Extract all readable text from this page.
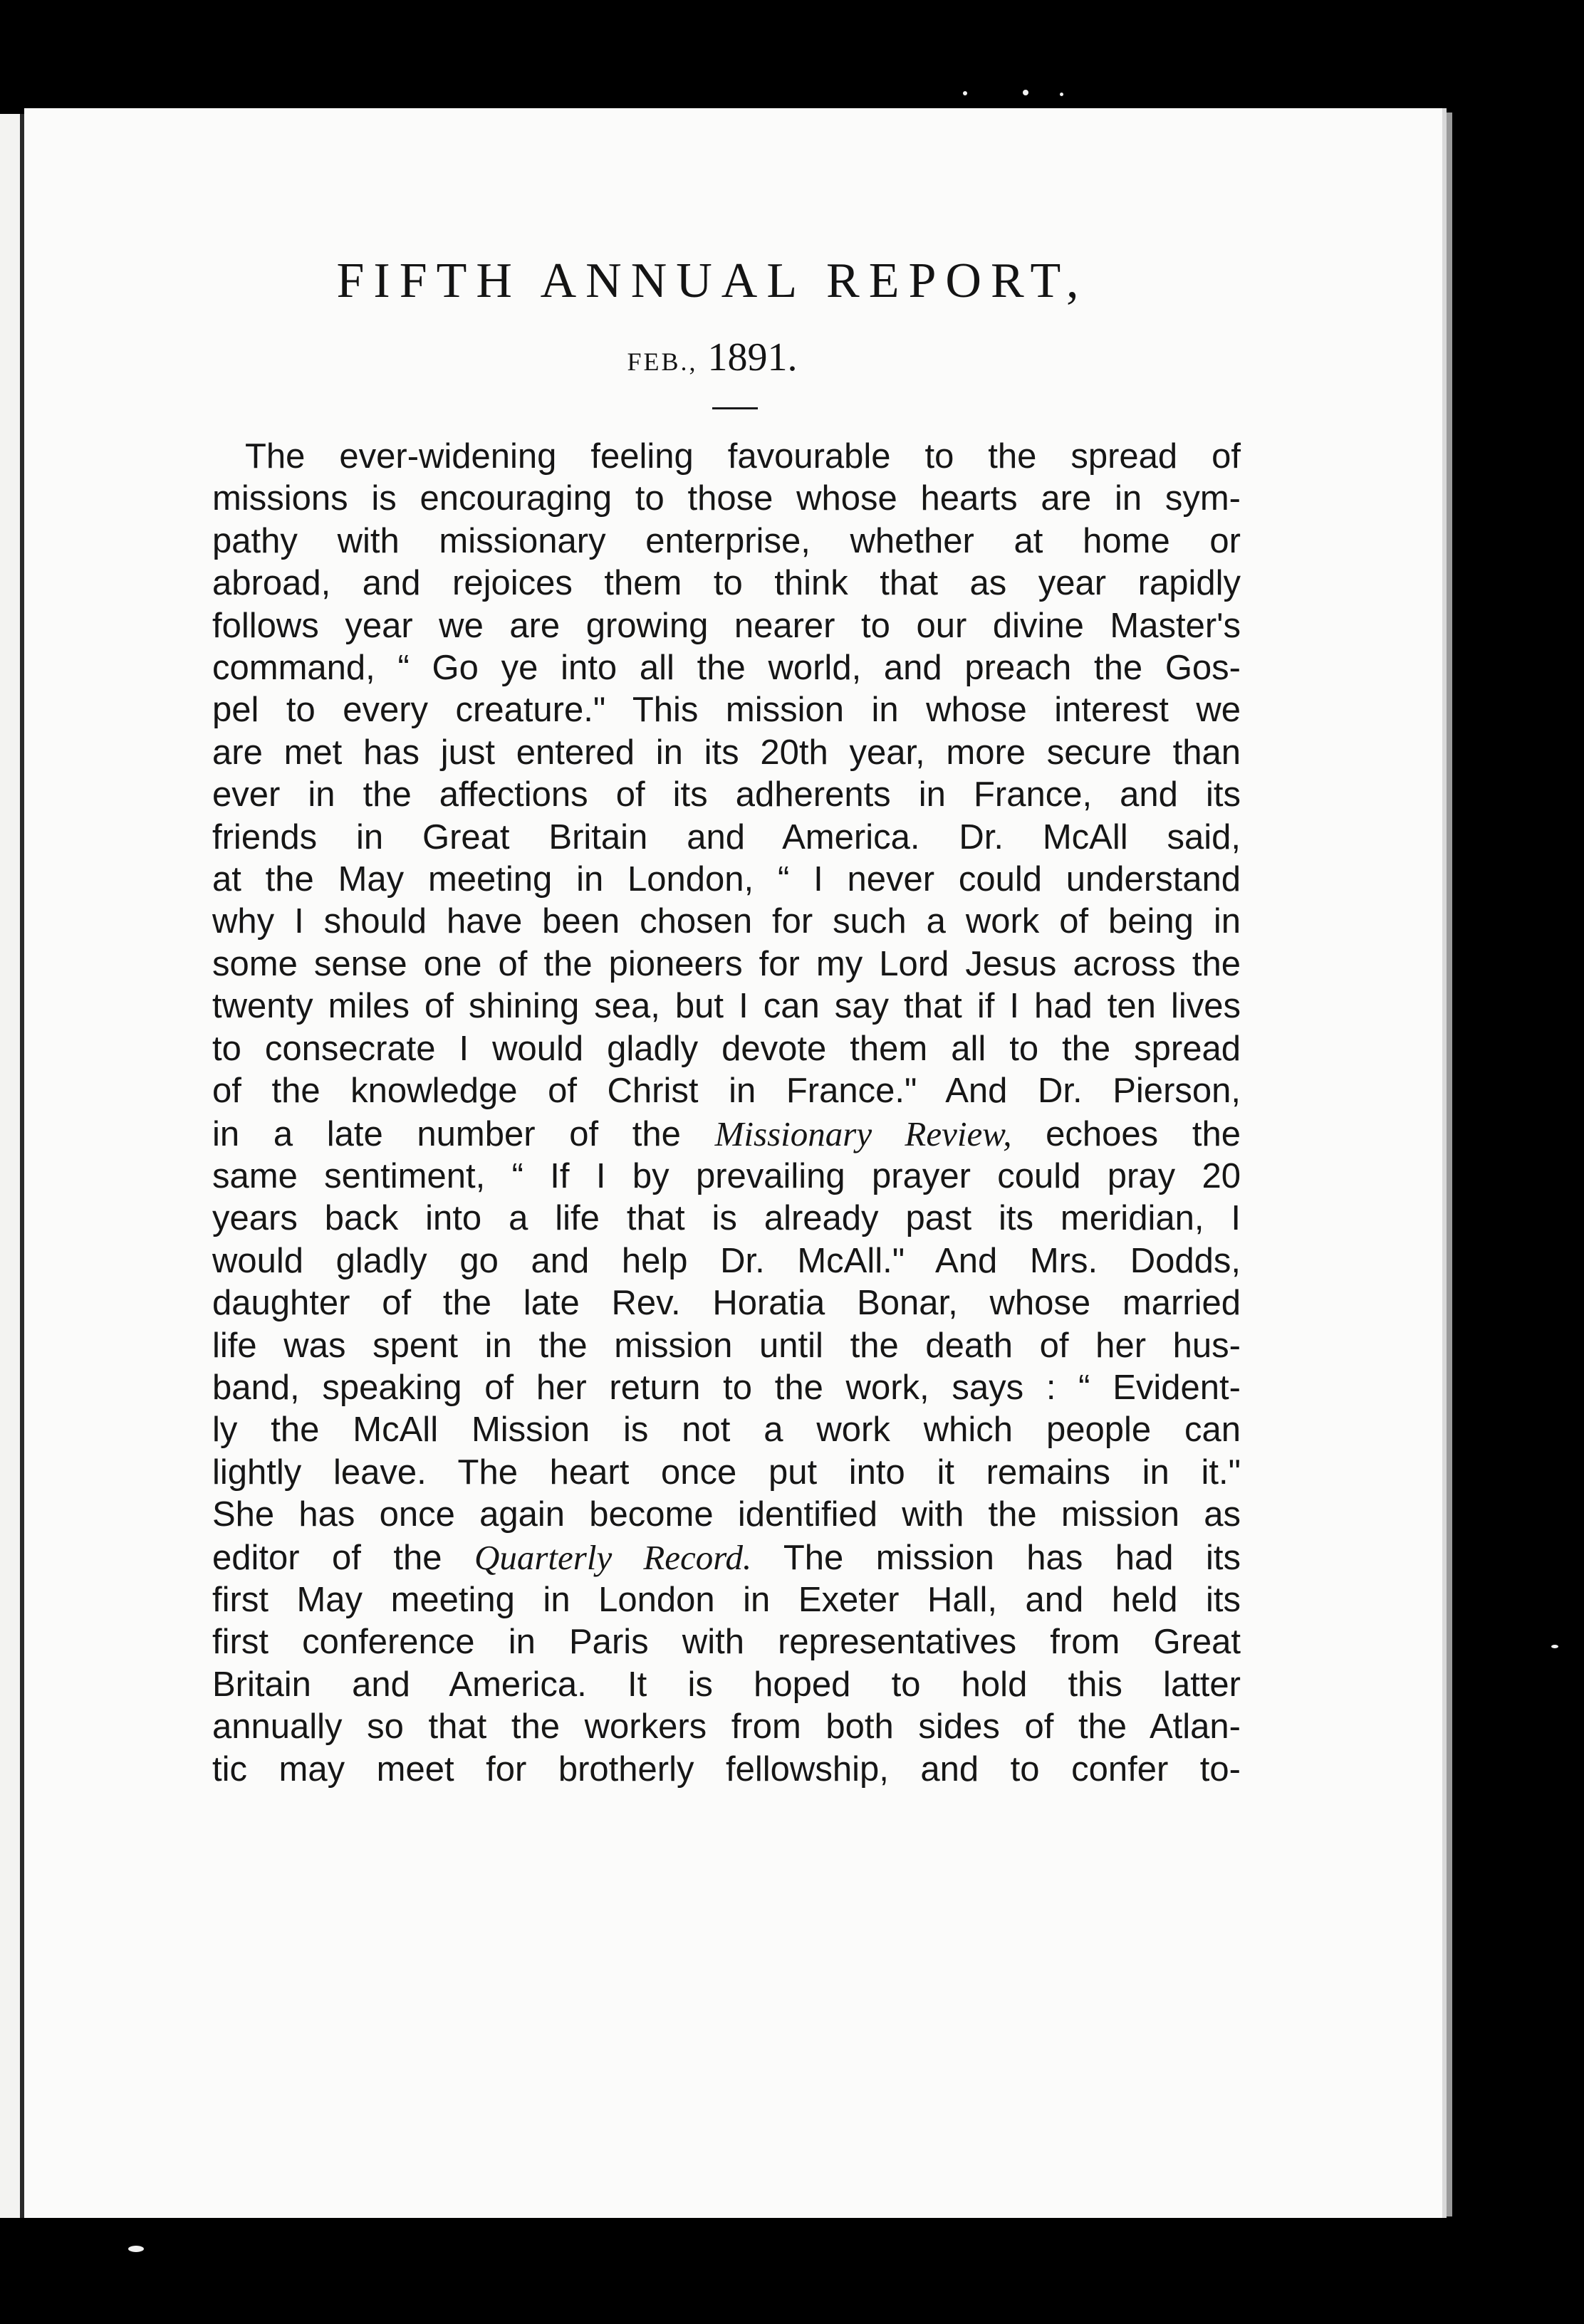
FIFTH ANNUAL REPORT,
FEB., 1891.
The ever-widening feeling favourable to the spread of
missions is encouraging to those whose hearts are in sym-
pathy with missionary enterprise, whether at home or
abroad, and rejoices them to think that as year rapidly
follows year we are growing nearer to our divine Master's
command, “ Go ye into all the world, and preach the Gos-
pel to every creature." This mission in whose interest we
are met has just entered in its 20th year, more secure than
ever in the affections of its adherents in France, and its
friends in Great Britain and America. Dr. McAll said,
at the May meeting in London, “ I never could understand
why I should have been chosen for such a work of being in
some sense one of the pioneers for my Lord Jesus across the
twenty miles of shining sea, but I can say that if I had ten lives
to consecrate I would gladly devote them all to the spread
of the knowledge of Christ in France." And Dr. Pierson,
in a late number of the Missionary Review, echoes the
same sentiment, “ If I by prevailing prayer could pray 20
years back into a life that is already past its meridian, I
would gladly go and help Dr. McAll." And Mrs. Dodds,
daughter of the late Rev. Horatia Bonar, whose married
life was spent in the mission until the death of her hus-
band, speaking of her return to the work, says : “ Evident-
ly the McAll Mission is not a work which people can
lightly leave. The heart once put into it remains in it."
She has once again become identified with the mission as
editor of the Quarterly Record. The mission has had its
first May meeting in London in Exeter Hall, and held its
first conference in Paris with representatives from Great
Britain and America. It is hoped to hold this latter
annually so that the workers from both sides of the Atlan-
tic may meet for brotherly fellowship, and to confer to-
